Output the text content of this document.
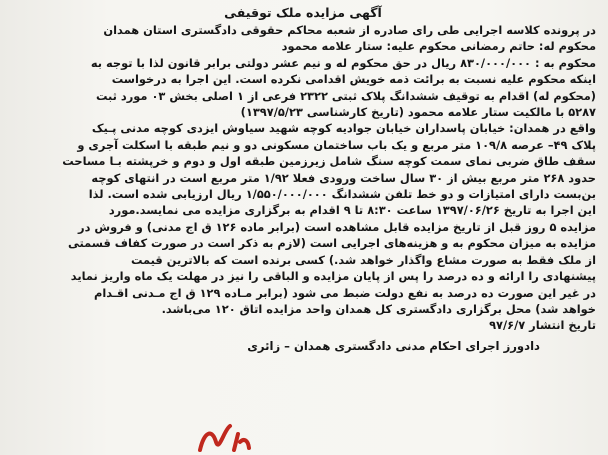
آگهی مزایده ملک توقیفی
در پرونده کلاسه اجرایی طی رای صادره از شعبه محاکم حقوقی دادگستری استان همدان
محکوم له: حاتم رمضانی محکوم علیه: ستار علامه محمود
محکوم به : ۸۳۰/۰۰۰/۰۰۰ ریال در حق محکوم له و نیم عشر دولتی برابر قانون لذا با توجه به
اینکه محکوم علیه نسبت به برائت ذمه خویش اقدامی نکرده است. این اجرا به درخواست
(محکوم له) اقدام به توقیف ششدانگ پلاک ثبتی ۲۳۲۲ فرعی از ۱ اصلی بخش ۰۳ مورد ثبت
۵۲۸۷ با مالکیت ستار علامه محمود (تاریخ کارشناسی ۱۳۹۷/۵/۲۳)
واقع در همدان: خیابان پاسداران خیابان جوادیه کوچه شهید سیاوش ایزدی کوچه مدنی پـیک
پلاک ۴۹– عرصه ۱۰۹/۸ متر مربع و یک باب ساختمان مسکونی دو و نیم طبقه با اسکلت آجری و
سقف طاق ضربی نمای سمت کوچه سنگ شامل زیرزمین طبقه اول و دوم و خرپشته بـا مساحت
حدود ۲۶۸ متر مربع بیش از ۳۰ سال ساخت ورودی فعلا ۱/۹۲ متر مربع است در انتهای کوچه
بن‌بست دارای امتیازات و دو خط تلفن ششدانگ ۱/۵۵۰/۰۰۰/۰۰۰ ریال ارزیابی شده است. لذا
این اجرا به تاریخ ۱۳۹۷/۰۶/۲۶ ساعت ۸:۳۰ تا ۹ اقدام به برگزاری مزایده می نمایسد.مورد
مزایده ۵ روز قبل از تاریخ مزایده قابل مشاهده است (برابر ماده ۱۲۶ ق اج مدنی) و فروش در
مزایده به میزان محکوم به و هزینه‌های اجرایی است (لازم به ذکر است در صورت کفاف قسمتی
از ملک فقط به صورت مشاع واگذار خواهد شد.) کسی برنده است که بالاترین قیمت
پیشنهادی را ارائه و ده درصد را پس از پایان مزایده و الباقی را نیز در مهلت یک ماه واریز نماید
در غیر این صورت ده درصد به نفع دولت ضبط می شود (برابر مـاده ۱۲۹ ق اج مـدنی اقـدام
خواهد شد) محل برگزاری دادگستری کل همدان واحد مزایده اتاق ۱۲۰ می‌باشد.
تاریخ انتشار ۹۷/۶/۷
دادورز اجرای احکام مدنی دادگستری همدان – زائری
